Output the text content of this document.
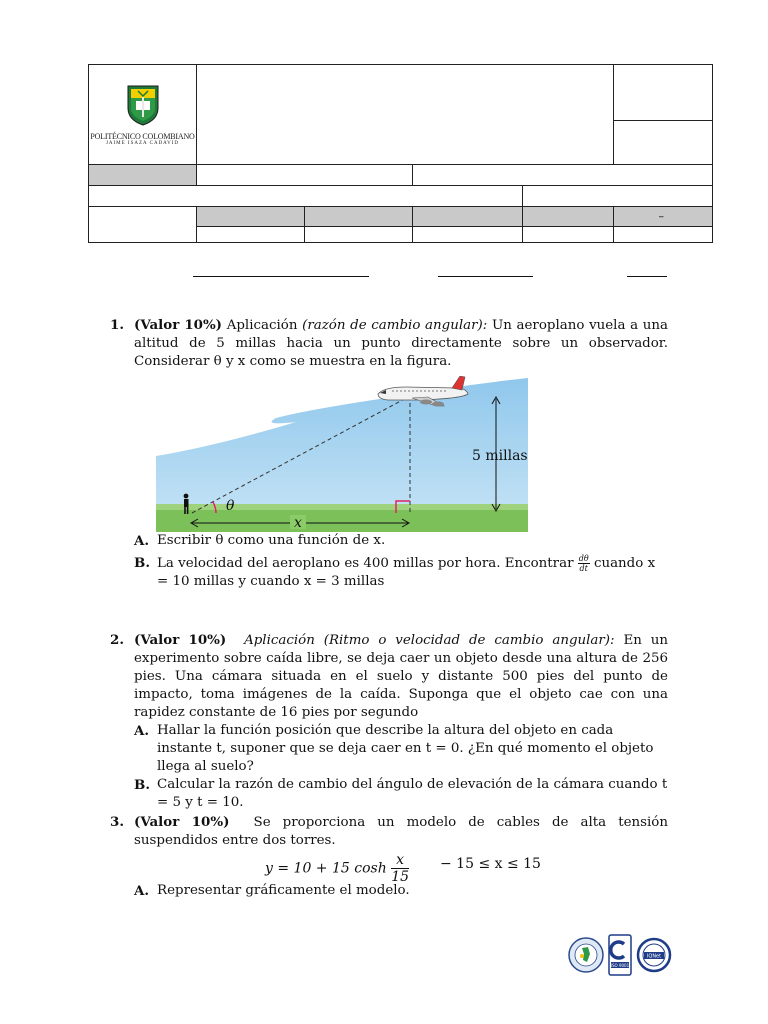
POLITÉCNICO COLOMBIANO
JAIME ISAZA CADAVID					

					–

1. (Valor 10%) Aplicación (razón de cambio angular): Un aeroplano vuela a una altitud de 5 millas hacia un punto directamente sobre un observador. Considerar θ y x como se muestra en la figura.
θ
5 millas
x
A. Escribir θ como una función de x.
B. La velocidad del aeroplano es 400 millas por hora. Encontrar $\frac{d\theta}{dt}$ cuando x = 10 millas y cuando x = 3 millas
2. (Valor 10%) Aplicación (Ritmo o velocidad de cambio angular): En un experimento sobre caída libre, se deja caer un objeto desde una altura de 256 pies. Una cámara situada en el suelo y distante 500 pies del punto de impacto, toma imágenes de la caída. Suponga que el objeto cae con una rapidez constante de 16 pies por segundo
A. Hallar la función posición que describe la altura del objeto en cada instante t, suponer que se deja caer en t = 0. ¿En qué momento el objeto llega al suelo?
B. Calcular la razón de cambio del ángulo de elevación de la cámara cuando t = 5 y t = 10.
3. (Valor 10%) Se proporciona un modelo de cables de alta tensión suspendidos entre dos torres.
y = 10 + 15 $\cosh \frac{x}{15} - 15 \le x \le 15$
A. Representar gráficamente el modelo.
ISO 9001
IQNet
